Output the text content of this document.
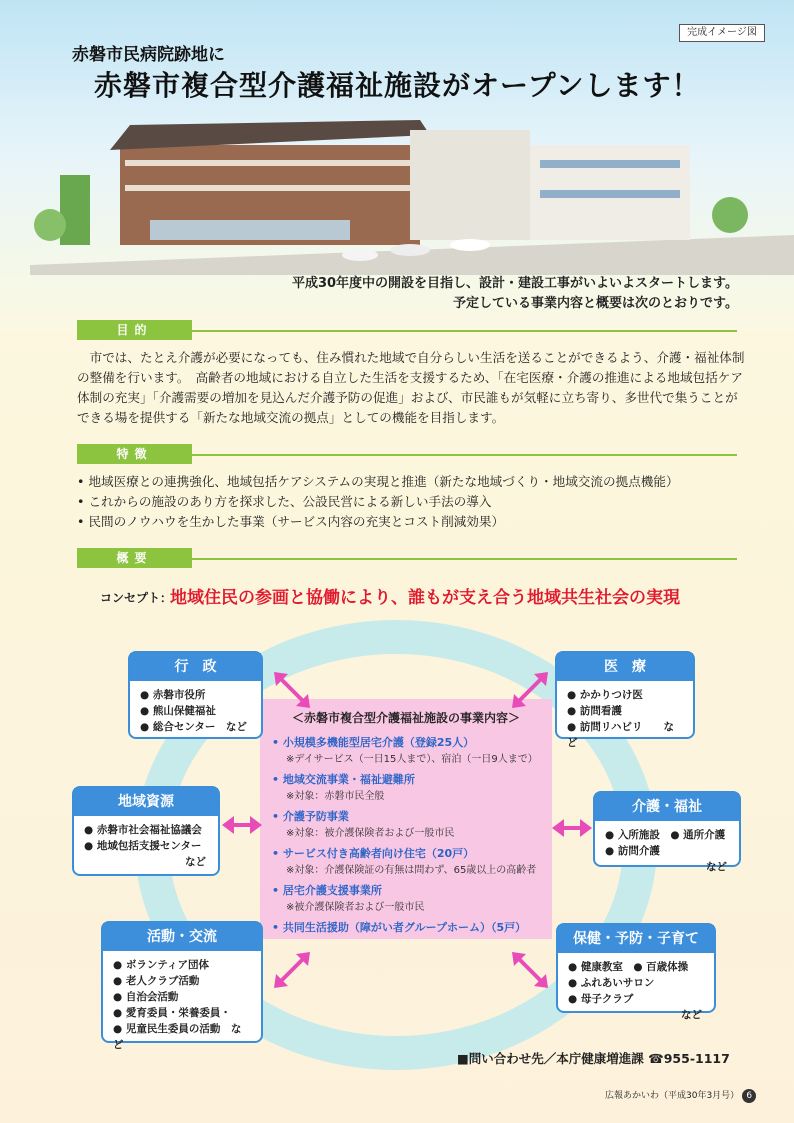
完成イメージ図
赤磐市民病院跡地に
赤磐市複合型介護福祉施設がオープンします！
平成30年度中の開設を目指し、設計・建設工事がいよいよスタートします。
予定している事業内容と概要は次のとおりです。
目的
　市では、たとえ介護が必要になっても、住み慣れた地域で自分らしい生活を送ることができるよう、介護・福祉体制の整備を行います。　高齢者の地域における自立した生活を支援するため、「在宅医療・介護の推進による地域包括ケア体制の充実」「介護需要の増加を見込んだ介護予防の促進」および、市民誰もが気軽に立ち寄り、多世代で集うことができる場を提供する「新たな地域交流の拠点」としての機能を目指します。
特徴
• 地域医療との連携強化、地域包括ケアシステムの実現と推進（新たな地域づくり・地域交流の拠点機能）
• これからの施設のあり方を探求した、公設民営による新しい手法の導入
• 民間のノウハウを生かした事業（サービス内容の充実とコスト削減効果）
概要
コンセプト：
地域住民の参画と協働により、誰もが支え合う地域共生社会の実現
＜赤磐市複合型介護福祉施設の事業内容＞
• 小規模多機能型居宅介護（登録25人）
※デイサービス（一日15人まで）、宿泊（一日9人まで）
• 地域交流事業・福祉避難所
※対象：赤磐市民全般
• 介護予防事業
※対象：被介護保険者および一般市民
• サービス付き高齢者向け住宅（20戸）
※対象：介護保険証の有無は問わず、65歳以上の高齢者
• 居宅介護支援事業所
※被介護保険者および一般市民
• 共同生活援助（障がい者グループホーム）（5戸）
行　政
● 赤磐市役所
● 熊山保健福祉
● 総合センター　など
医　療
● かかりつけ医
● 訪問看護
● 訪問リハビリ　　など
地域資源
● 赤磐市社会福祉協議会
● 地域包括支援センター
など
介護・福祉
● 入所施設　● 通所介護
● 訪問介護
など
活動・交流
● ボランティア団体
● 老人クラブ活動
● 自治会活動
● 愛育委員・栄養委員・
● 児童民生委員の活動　など
保健・予防・子育て
● 健康教室　● 百歳体操
● ふれあいサロン
● 母子クラブ
など
■問い合わせ先／本庁健康増進課 ☎955-1117
広報あかいわ（平成30年3月号） 6
